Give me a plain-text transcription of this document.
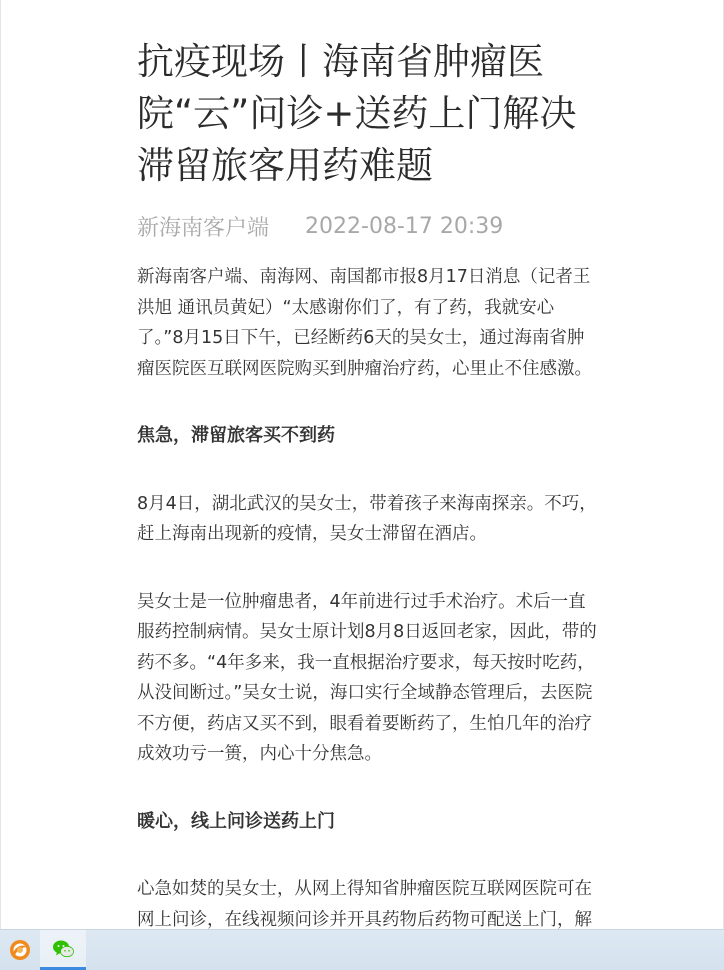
抗疫现场丨海南省肿瘤医院“云”问诊+送药上门解决滞留旅客用药难题
新海南客户端 2022-08-17 20:39

新海南客户端、南海网、南国都市报8月17日消息（记者王洪旭 通讯员黄妃）“太感谢你们了，有了药，我就安心了。”8月15日下午，已经断药6天的吴女士，通过海南省肿瘤医院医互联网医院购买到肿瘤治疗药，心里止不住感激。

焦急，滞留旅客买不到药

8月4日，湖北武汉的吴女士，带着孩子来海南探亲。不巧，赶上海南出现新的疫情，吴女士滞留在酒店。

吴女士是一位肿瘤患者，4年前进行过手术治疗。术后一直服药控制病情。吴女士原计划8月8日返回老家，因此，带的药不多。“4年多来，我一直根据治疗要求，每天按时吃药，从没间断过。”吴女士说，海口实行全域静态管理后，去医院不方便，药店又买不到，眼看着要断药了，生怕几年的治疗成效功亏一篑，内心十分焦急。

暖心，线上问诊送药上门

心急如焚的吴女士，从网上得知省肿瘤医院互联网医院可在网上问诊，在线视频问诊并开具药物后药物可配送上门，解
